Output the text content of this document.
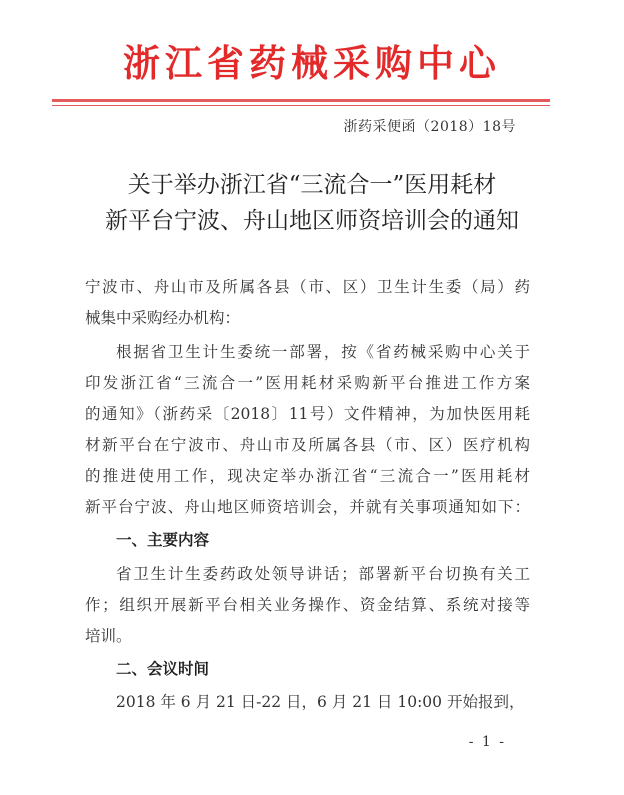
浙江省药械采购中心
浙药采便函（2018）18号
关于举办浙江省“三流合一”医用耗材
新平台宁波、舟山地区师资培训会的通知
宁波市、舟山市及所属各县（市、区）卫生计生委（局）药
械集中采购经办机构：
根据省卫生计生委统一部署，按《省药械采购中心关于
印发浙江省“三流合一”医用耗材采购新平台推进工作方案
的通知》（浙药采〔2018〕11号）文件精神，为加快医用耗
材新平台在宁波市、舟山市及所属各县（市、区）医疗机构
的推进使用工作，现决定举办浙江省“三流合一”医用耗材
新平台宁波、舟山地区师资培训会，并就有关事项通知如下：
一、主要内容
省卫生计生委药政处领导讲话；部署新平台切换有关工
作；组织开展新平台相关业务操作、资金结算、系统对接等
培训。
二、会议时间
2018 年 6 月 21 日-22 日，6 月 21 日 10:00 开始报到，
- 1 -
